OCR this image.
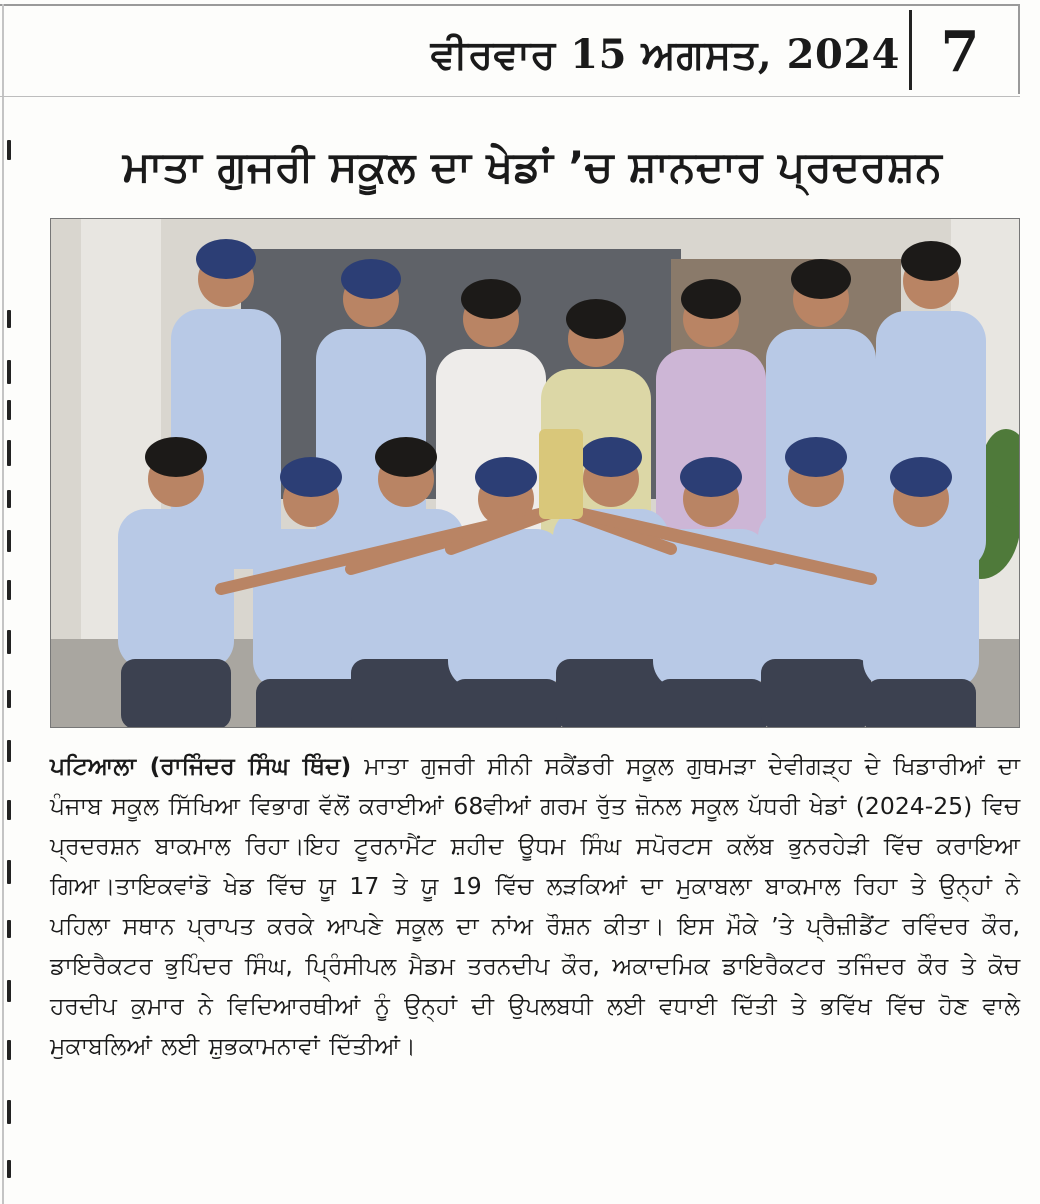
ਵੀਰਵਾਰ 15 ਅਗਸਤ, 2024 7
ਮਾਤਾ ਗੁਜਰੀ ਸਕੂਲ ਦਾ ਖੇਡਾਂ ’ਚ ਸ਼ਾਨਦਾਰ ਪ੍ਰਦਰਸ਼ਨ
ਪਟਿਆਲਾ (ਰਾਜਿੰਦਰ ਸਿੰਘ ਥਿੰਦ) ਮਾਤਾ ਗੁਜਰੀ ਸੀਨੀ ਸਕੈਂਡਰੀ ਸਕੂਲ ਗੁਥਮੜਾ ਦੇਵੀਗੜ੍ਹ ਦੇ ਖਿਡਾਰੀਆਂ ਦਾ ਪੰਜਾਬ ਸਕੂਲ ਸਿੱਖਿਆ ਵਿਭਾਗ ਵੱਲੋਂ ਕਰਾਈਆਂ 68ਵੀਆਂ ਗਰਮ ਰੁੱਤ ਜ਼ੋਨਲ ਸਕੂਲ ਪੱਧਰੀ ਖੇਡਾਂ (2024-25) ਵਿਚ ਪ੍ਰਦਰਸ਼ਨ ਬਾਕਮਾਲ ਰਿਹਾ।ਇਹ ਟੂਰਨਾਮੈਂਟ ਸ਼ਹੀਦ ਊਧਮ ਸਿੰਘ ਸਪੋਰਟਸ ਕਲੱਬ ਭੁਨਰਹੇੜੀ ਵਿੱਚ ਕਰਾਇਆ ਗਿਆ।ਤਾਇਕਵਾਂਡੋ ਖੇਡ ਵਿੱਚ ਯੂ 17 ਤੇ ਯੂ 19 ਵਿੱਚ ਲੜਕਿਆਂ ਦਾ ਮੁਕਾਬਲਾ ਬਾਕਮਾਲ ਰਿਹਾ ਤੇ ਉਨ੍ਹਾਂ ਨੇ ਪਹਿਲਾ ਸਥਾਨ ਪ੍ਰਾਪਤ ਕਰਕੇ ਆਪਣੇ ਸਕੂਲ ਦਾ ਨਾਂਅ ਰੌਸ਼ਨ ਕੀਤਾ। ਇਸ ਮੌਕੇ ’ਤੇ ਪ੍ਰੈਜ਼ੀਡੈਂਟ ਰਵਿੰਦਰ ਕੌਰ, ਡਾਇਰੈਕਟਰ ਭੁਪਿੰਦਰ ਸਿੰਘ, ਪ੍ਰਿੰਸੀਪਲ ਮੈਡਮ ਤਰਨਦੀਪ ਕੌਰ, ਅਕਾਦਮਿਕ ਡਾਇਰੈਕਟਰ ਤਜਿੰਦਰ ਕੌਰ ਤੇ ਕੋਚ ਹਰਦੀਪ ਕੁਮਾਰ ਨੇ ਵਿਦਿਆਰਥੀਆਂ ਨੂੰ ਉਨ੍ਹਾਂ ਦੀ ਉਪਲਬਧੀ ਲਈ ਵਧਾਈ ਦਿੱਤੀ ਤੇ ਭਵਿੱਖ ਵਿੱਚ ਹੋਣ ਵਾਲੇ ਮੁਕਾਬਲਿਆਂ ਲਈ ਸ਼ੁਭਕਾਮਨਾਵਾਂ ਦਿੱਤੀਆਂ।
